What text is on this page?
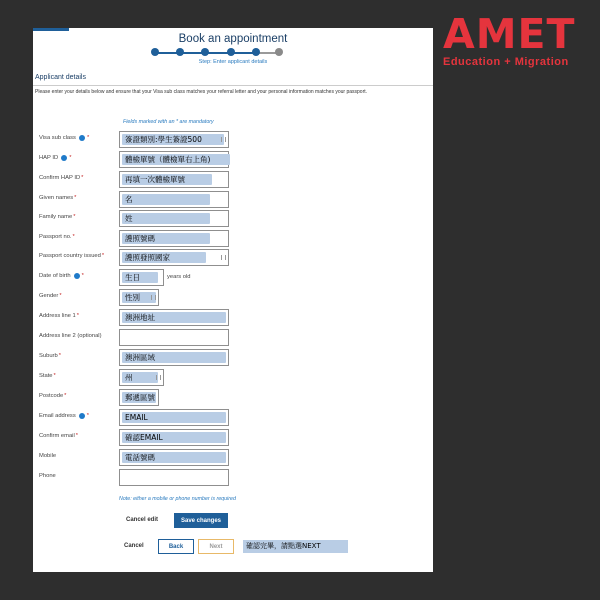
AMET
Education + Migration
Book an appointment
Step: Enter applicant details
Applicant details
Please enter your details below and ensure that your Visa sub class matches your referral letter and your personal information matches your passport.
Fields marked with an * are mandatory
Visa sub class *	簽證類別:學生簽證500
HAP ID *	體檢單號（體檢單右上角)
Confirm HAP ID *	再填一次體檢單號
Given names *	名
Family name *	姓
Passport no. *	護照號碼
Passport country issued *	護照發照國家
Date of birth *	生日
Gender *	性別
Address line 1 *	澳洲地址
Address line 2 (optional)
Suburb *	澳洲區域
State *	州
Postcode *	郵遞區號
Email address *	EMAIL
Confirm email *	確認EMAIL
Mobile	電話號碼
Phone
years old
Note: either a mobile or phone number is required
Cancel edit	Save changes
Cancel	Back	Next	確認完畢，請點選NEXT
